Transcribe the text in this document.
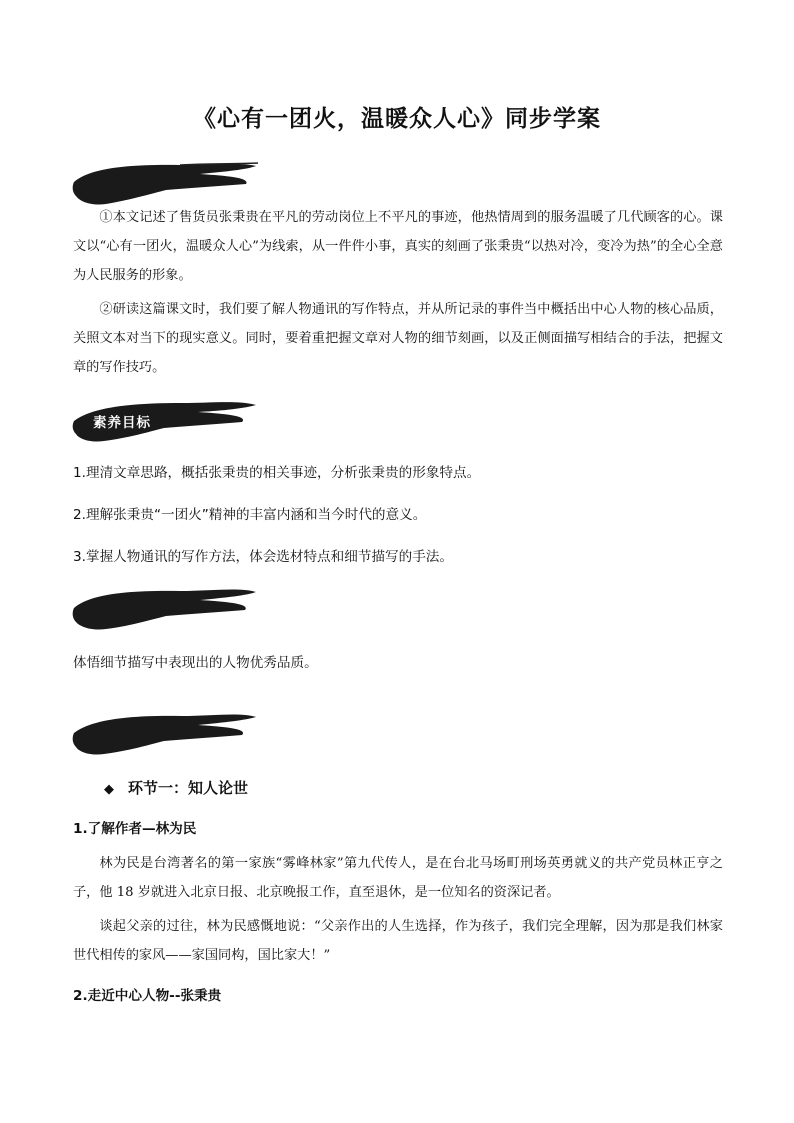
《心有一团火，温暖众人心》同步学案

①本文记述了售货员张秉贵在平凡的劳动岗位上不平凡的事迹，他热情周到的服务温暖了几代顾客的心。课文以“心有一团火，温暖众人心”为线索，从一件件小事，真实的刻画了张秉贵“以热对冷，变冷为热”的全心全意为人民服务的形象。

②研读这篇课文时，我们要了解人物通讯的写作特点，并从所记录的事件当中概括出中心人物的核心品质，关照文本对当下的现实意义。同时，要着重把握文章对人物的细节刻画，以及正侧面描写相结合的手法，把握文章的写作技巧。

素养目标

1.理清文章思路，概括张秉贵的相关事迹，分析张秉贵的形象特点。

2.理解张秉贵“一团火”精神的丰富内涵和当今时代的意义。

3.掌握人物通讯的写作方法，体会选材特点和细节描写的手法。

体悟细节描写中表现出的人物优秀品质。

◆ 环节一：知人论世
1.了解作者—林为民

林为民是台湾著名的第一家族“雾峰林家”第九代传人，是在台北马场町刑场英勇就义的共产党员林正亨之子，他 18 岁就进入北京日报、北京晚报工作，直至退休，是一位知名的资深记者。

谈起父亲的过往，林为民感慨地说：“父亲作出的人生选择，作为孩子，我们完全理解，因为那是我们林家世代相传的家风——家国同构，国比家大！”

2.走近中心人物--张秉贵
